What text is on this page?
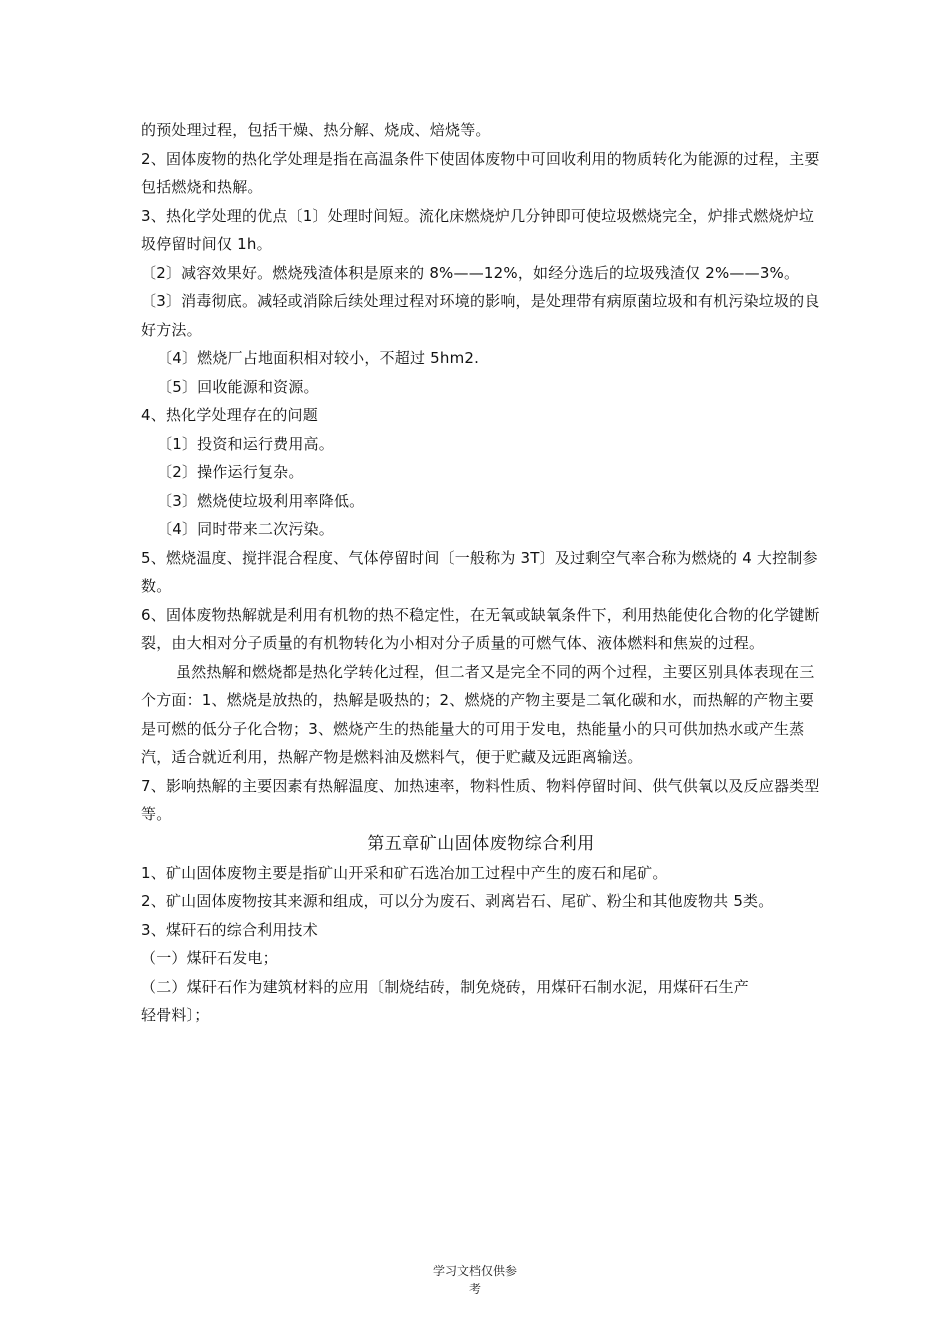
的预处理过程，包括干燥、热分解、烧成、焙烧等。

2、固体废物的热化学处理是指在高温条件下使固体废物中可回收利用的物质转化为能源的过程，主要包括燃烧和热解。

3、热化学处理的优点〔1〕处理时间短。流化床燃烧炉几分钟即可使垃圾燃烧完全，炉排式燃烧炉垃圾停留时间仅 1h。

〔2〕减容效果好。燃烧残渣体积是原来的 8%——12%，如经分选后的垃圾残渣仅 2%——3%。

〔3〕消毒彻底。减轻或消除后续处理过程对环境的影响，是处理带有病原菌垃圾和有机污染垃圾的良好方法。

〔4〕燃烧厂占地面积相对较小，不超过 5hm2.

〔5〕回收能源和资源。

4、热化学处理存在的问题

〔1〕投资和运行费用高。

〔2〕操作运行复杂。

〔3〕燃烧使垃圾利用率降低。

〔4〕同时带来二次污染。

5、燃烧温度、搅拌混合程度、气体停留时间〔一般称为 3T〕及过剩空气率合称为燃烧的 4 大控制参数。

6、固体废物热解就是利用有机物的热不稳定性，在无氧或缺氧条件下，利用热能使化合物的化学键断裂，由大相对分子质量的有机物转化为小相对分子质量的可燃气体、液体燃料和焦炭的过程。

虽然热解和燃烧都是热化学转化过程，但二者又是完全不同的两个过程，主要区别具体表现在三个方面：1、燃烧是放热的，热解是吸热的；2、燃烧的产物主要是二氧化碳和水，而热解的产物主要是可燃的低分子化合物；3、燃烧产生的热能量大的可用于发电，热能量小的只可供加热水或产生蒸汽，适合就近利用，热解产物是燃料油及燃料气，便于贮藏及远距离输送。

7、影响热解的主要因素有热解温度、加热速率，物料性质、物料停留时间、供气供氧以及反应器类型等。

第五章矿山固体废物综合利用

1、矿山固体废物主要是指矿山开采和矿石选冶加工过程中产生的废石和尾矿。

2、矿山固体废物按其来源和组成，可以分为废石、剥离岩石、尾矿、粉尘和其他废物共 5类。

3、煤矸石的综合利用技术

（一）煤矸石发电；

（二）煤矸石作为建筑材料的应用〔制烧结砖，制免烧砖，用煤矸石制水泥，用煤矸石生产

轻骨料〕；

学习文档仅供参
考
